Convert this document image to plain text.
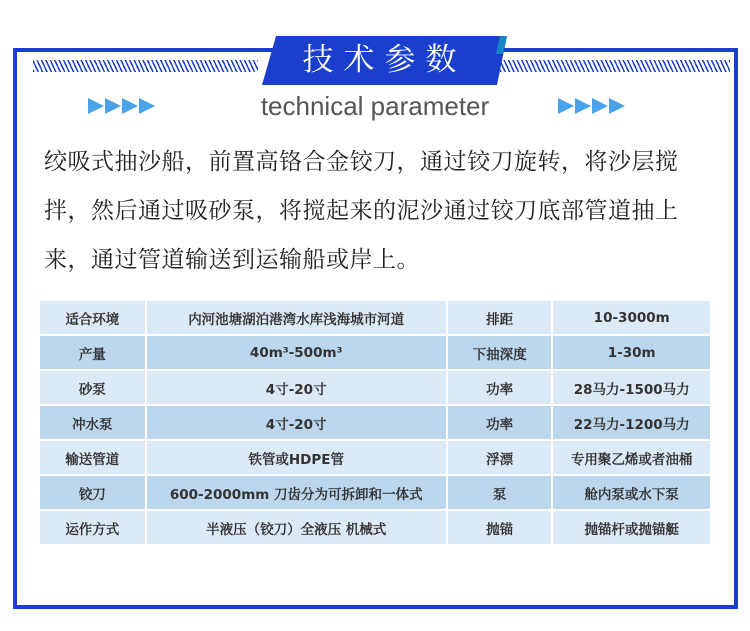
技术参数
technical parameter
绞吸式抽沙船，前置高铬合金铰刀，通过铰刀旋转，将沙层搅拌，然后通过吸砂泵，将搅起来的泥沙通过铰刀底部管道抽上来，通过管道输送到运输船或岸上。
适合环境	内河池塘湖泊港湾水库浅海城市河道	排距	10-3000m
产量	40m³-500m³	下抽深度	1-30m
砂泵	4寸-20寸	功率	28马力-1500马力
冲水泵	4寸-20寸	功率	22马力-1200马力
输送管道	铁管或HDPE管	浮漂	专用聚乙烯或者油桶
铰刀	600-2000mm 刀齿分为可拆卸和一体式	泵	舱内泵或水下泵
运作方式	半液压（铰刀）全液压 机械式	抛锚	抛锚杆或抛锚艇
